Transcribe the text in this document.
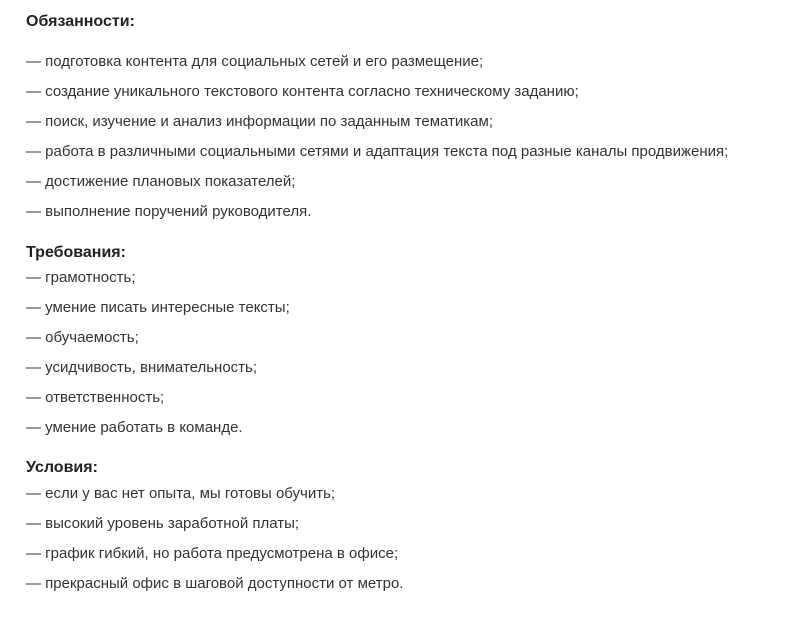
Обязанности:
— подготовка контента для социальных сетей и его размещение;
— создание уникального текстового контента согласно техническому заданию;
— поиск, изучение и анализ информации по заданным тематикам;
— работа в различными социальными сетями и адаптация текста под разные каналы продвижения;
— достижение плановых показателей;
— выполнение поручений руководителя.
Требования:
— грамотность;
— умение писать интересные тексты;
— обучаемость;
— усидчивость, внимательность;
— ответственность;
— умение работать в команде.
Условия:
— если у вас нет опыта, мы готовы обучить;
— высокий уровень заработной платы;
— график гибкий, но работа предусмотрена в офисе;
— прекрасный офис в шаговой доступности от метро.
